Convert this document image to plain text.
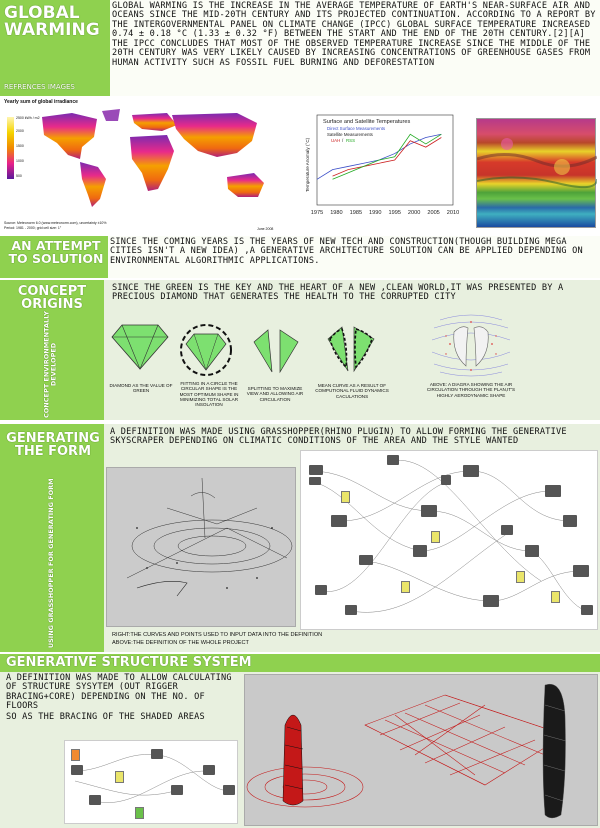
GLOBAL WARMING
GLOBAL WARMING IS THE INCREASE IN THE AVERAGE TEMPERATURE OF EARTH'S NEAR-SURFACE AIR AND OCEANS SINCE THE MID-20TH CENTURY AND ITS PROJECTED CONTINUATION. ACCORDING TO A REPORT BY THE INTERGOVERNMENTAL PANEL ON CLIMATE CHANGE (IPCC) GLOBAL SURFACE TEMPERATURE INCREASED 0.74 ± 0.18 °C (1.33 ± 0.32 °F) BETWEEN THE START AND THE END OF THE 20TH CENTURY.[2][A] THE IPCC CONCLUDES THAT MOST OF THE OBSERVED TEMPERATURE INCREASE SINCE THE MIDDLE OF THE 20TH CENTURY WAS VERY LIKELY CAUSED BY INCREASING CONCENTRATIONS OF GREENHOUSE GASES FROM HUMAN ACTIVITY SUCH AS FOSSIL FUEL BURNING AND DEFORESTATION
REFRENCES IMAGES
Yearly sum of global irradiance
2500 kWh / m2
2000
1500
1000
500
Source: Meteonorm 6.0 (www.meteonorm.com), uncertainty ±10%
Period: 1981 - 2000; grid cell size: 1°	June 2008
Surface and Satellite Temperatures
Direct Surface Measurements
Satellite Measurements
UAH / RSS
Temperature Anomaly (°C)
1975 1980 1985 1990 1995 2000 2005 2010
AN ATTEMPT TO SOLUTION
SINCE THE COMING YEARS IS THE YEARS OF NEW TECH AND CONSTRUCTION(THOUGH BUILDING MEGA CITIES ISN'T A NEW IDEA) ,A GENERATIVE ARCHITECTURE SOLUTION CAN BE APPLIED DEPENDING ON ENVIRONMENTAL ALGORITHMIC APPLICATIONS.
CONCEPT ORIGINS
CONCEPT ENVIRONMENTALLY DEVELOPED
SINCE THE GREEN IS THE KEY AND THE HEART OF A NEW ,CLEAN WORLD,IT WAS PRESENTED BY A PRECIOUS DIAMOND THAT GENERATES THE HEALTH TO THE CORRUPTED CITY
DIAMOND AS THE VALUE OF GREEN
FIITTING IN A CIRCLE THE CIRCULAR SHAPE IS THE MOST OPTIMUM SHAPE IN MINIMIZING TOTAL SOLAR INSOLATION
SPLITTING TO MAXIMIZE VIEW AND ALLOWING AIR CIRCULATION
MEAN CURVE AS A RESULT OF COMPUTIONAL FLUID DYNAMICS CACULATIONS
ABOVE: A DIAGRA SHOWING THE AIR CIRCULATION THROUGH THE PLAN,IT'S HIGHLY AERODYNAMIC SHAPE
GENERATING THE FORM
USING GRASSHOPPER FOR GENERATING FORM
A DEFINITION WAS MADE USING GRASSHOPPER(RHINO PLUGIN) TO ALLOW FORMING THE GENERATIVE SKYSCRAPER DEPENDING ON CLIMATIC CONDITIONS OF THE AREA AND THE STYLE WANTED
RIGHT:THE CURVES AND POINTS USED TO INPUT DATA INTO THE DEFINITION
ABOVE:THE DEFINITION OF THE WHOLE PROJECT
GENERATIVE STRUCTURE SYSTEM
A DEFINITION WAS MADE TO ALLOW CALCULATING OF STRUCTURE SYSYTEM (OUT RIGGER BRACING+CORE) DEPENDING ON THE NO. OF FLOORS
SO AS THE BRACING OF THE SHADED AREAS
